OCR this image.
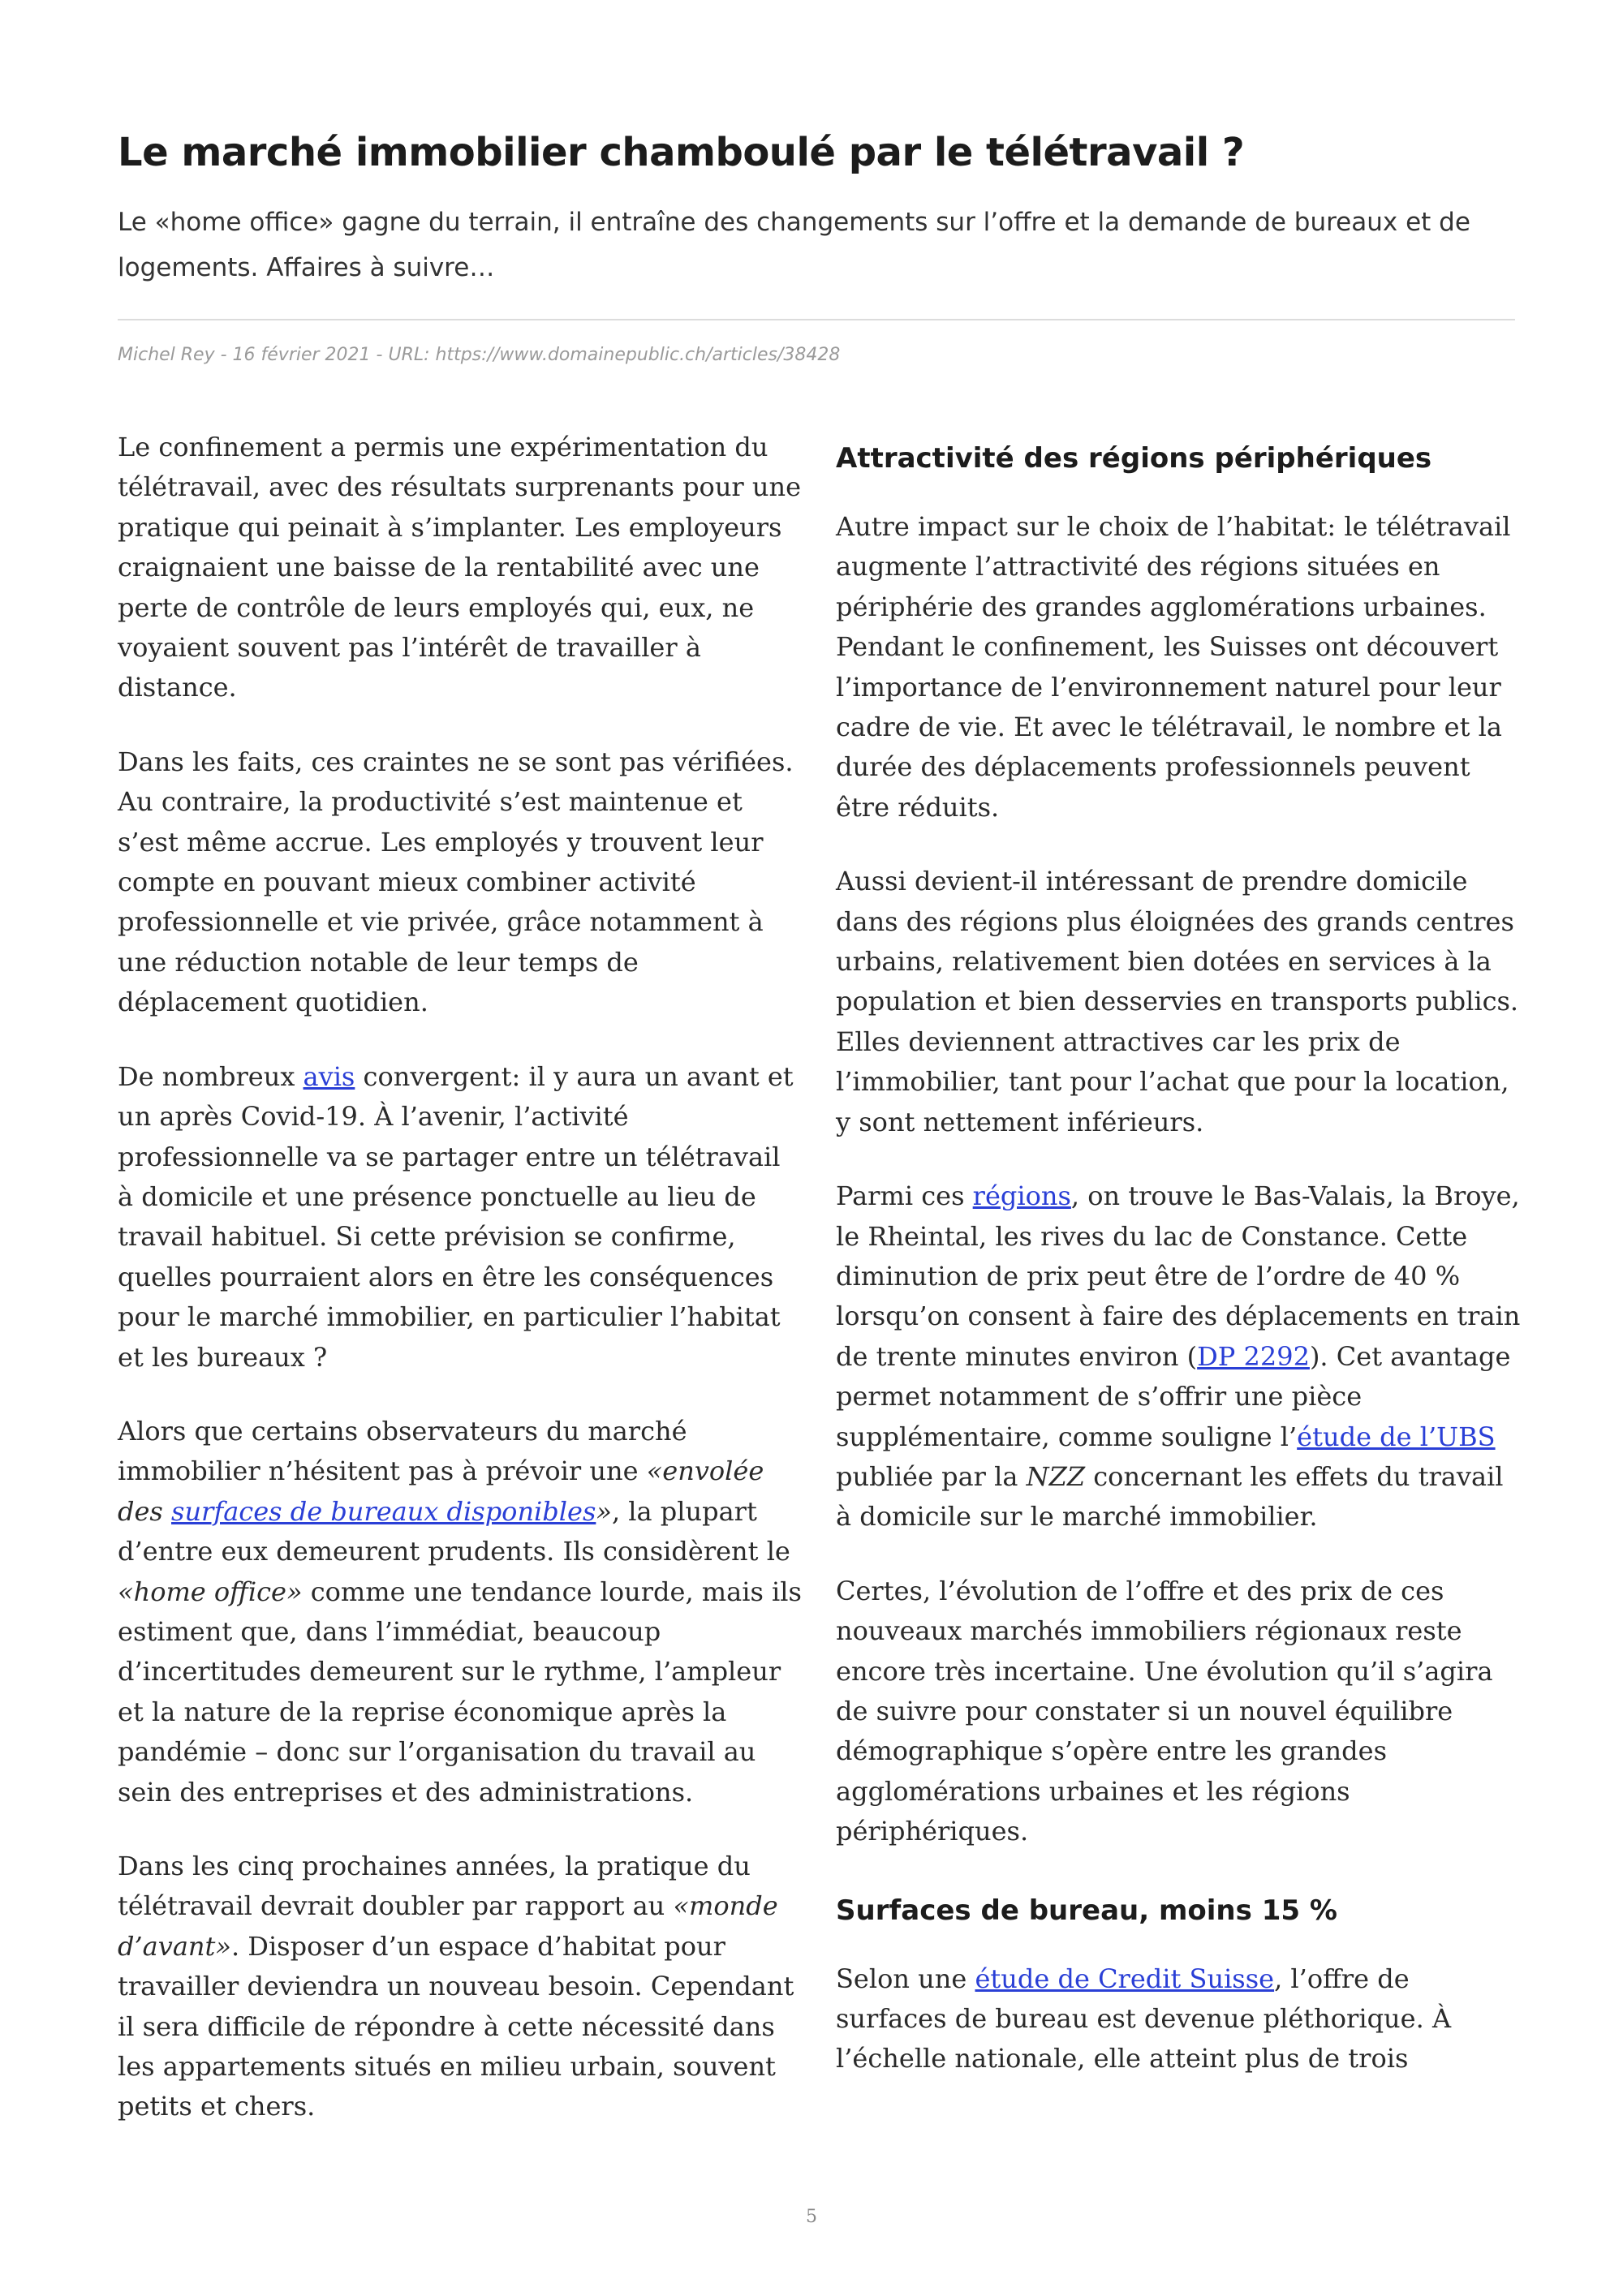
Le marché immobilier chamboulé par le télétravail ?

Le «home office» gagne du terrain, il entraîne des changements sur l’offre et la demande de bureaux et de logements. Affaires à suivre…

Michel Rey - 16 février 2021 - URL: https://www.domainepublic.ch/articles/38428

Le confinement a permis une expérimentation du télétravail, avec des résultats surprenants pour une pratique qui peinait à s’implanter. Les employeurs craignaient une baisse de la rentabilité avec une perte de contrôle de leurs employés qui, eux, ne voyaient souvent pas l’intérêt de travailler à distance.

Dans les faits, ces craintes ne se sont pas vérifiées. Au contraire, la productivité s’est maintenue et s’est même accrue. Les employés y trouvent leur compte en pouvant mieux combiner activité professionnelle et vie privée, grâce notamment à une réduction notable de leur temps de déplacement quotidien.

De nombreux avis convergent: il y aura un avant et un après Covid-19. À l’avenir, l’activité professionnelle va se partager entre un télétravail à domicile et une présence ponctuelle au lieu de travail habituel. Si cette prévision se confirme, quelles pourraient alors en être les conséquences pour le marché immobilier, en particulier l’habitat et les bureaux ?

Alors que certains observateurs du marché immobilier n’hésitent pas à prévoir une «envolée des surfaces de bureaux disponibles», la plupart d’entre eux demeurent prudents. Ils considèrent le «home office» comme une tendance lourde, mais ils estiment que, dans l’immédiat, beaucoup d’incertitudes demeurent sur le rythme, l’ampleur et la nature de la reprise économique après la pandémie – donc sur l’organisation du travail au sein des entreprises et des administrations.

Dans les cinq prochaines années, la pratique du télétravail devrait doubler par rapport au «monde d’avant». Disposer d’un espace d’habitat pour travailler deviendra un nouveau besoin. Cependant il sera difficile de répondre à cette nécessité dans les appartements situés en milieu urbain, souvent petits et chers.

Attractivité des régions périphériques

Autre impact sur le choix de l’habitat: le télétravail augmente l’attractivité des régions situées en périphérie des grandes agglomérations urbaines. Pendant le confinement, les Suisses ont découvert l’importance de l’environnement naturel pour leur cadre de vie. Et avec le télétravail, le nombre et la durée des déplacements professionnels peuvent être réduits.

Aussi devient-il intéressant de prendre domicile dans des régions plus éloignées des grands centres urbains, relativement bien dotées en services à la population et bien desservies en transports publics. Elles deviennent attractives car les prix de l’immobilier, tant pour l’achat que pour la location, y sont nettement inférieurs.

Parmi ces régions, on trouve le Bas-Valais, la Broye, le Rheintal, les rives du lac de Constance. Cette diminution de prix peut être de l’ordre de 40 % lorsqu’on consent à faire des déplacements en train de trente minutes environ (DP 2292). Cet avantage permet notamment de s’offrir une pièce supplémentaire, comme souligne l’étude de l’UBS publiée par la NZZ concernant les effets du travail à domicile sur le marché immobilier.

Certes, l’évolution de l’offre et des prix de ces nouveaux marchés immobiliers régionaux reste encore très incertaine. Une évolution qu’il s’agira de suivre pour constater si un nouvel équilibre démographique s’opère entre les grandes agglomérations urbaines et les régions périphériques.

Surfaces de bureau, moins 15 %

Selon une étude de Credit Suisse, l’offre de surfaces de bureau est devenue pléthorique. À l’échelle nationale, elle atteint plus de trois

5
